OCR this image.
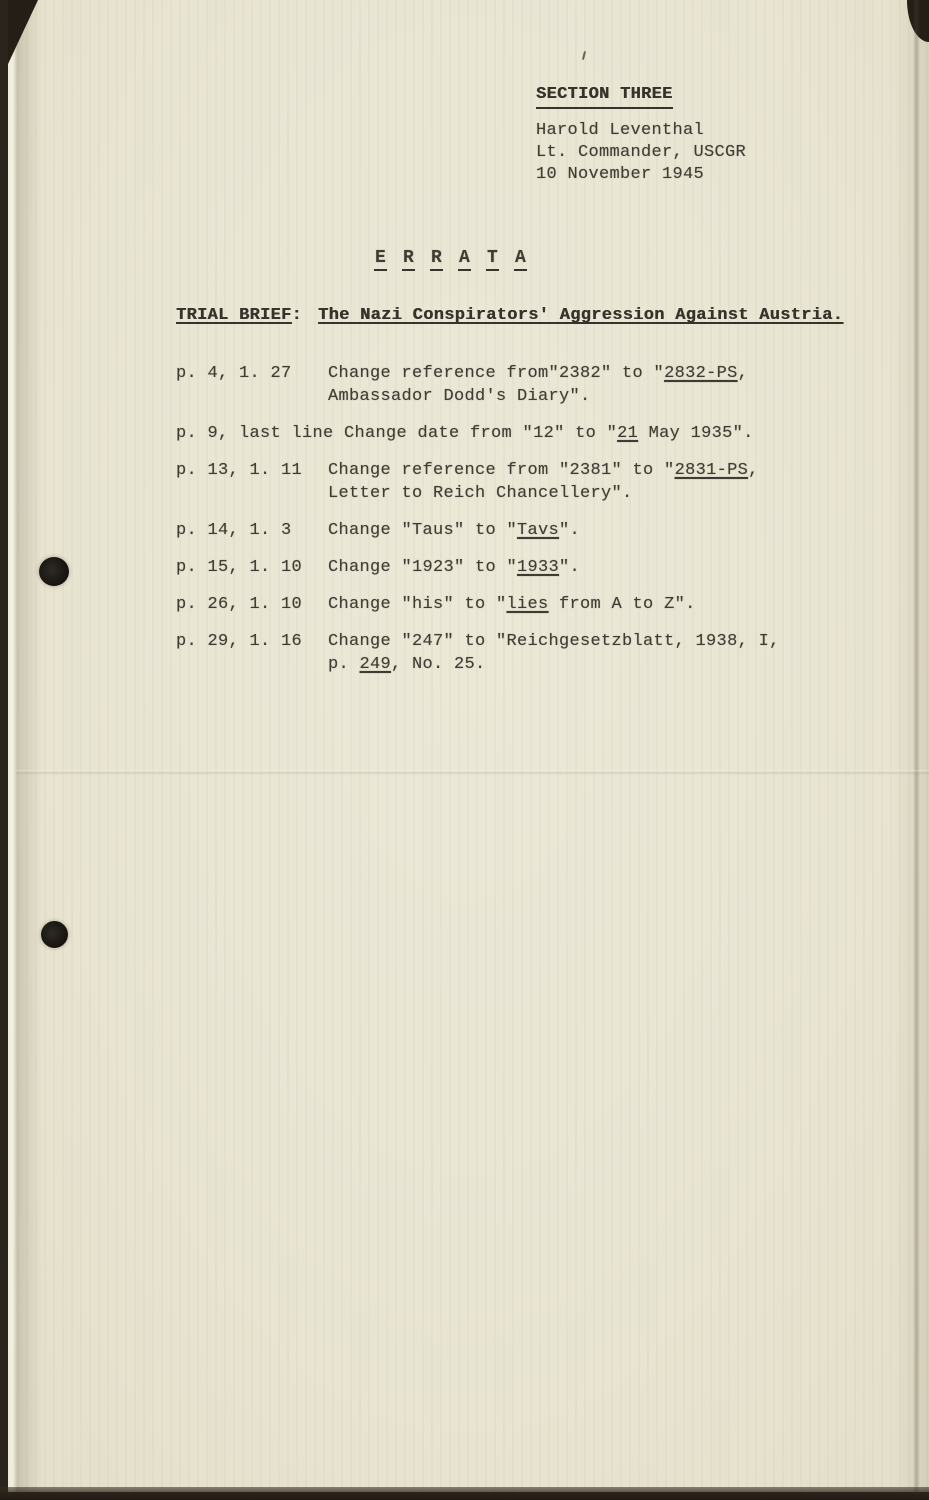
SECTION THREE
Harold Leventhal
Lt. Commander, USCGR
10 November 1945
E R R A T A
TRIAL BRIEF: The Nazi Conspirators' Aggression Against Austria.
p. 4, 1. 27	Change reference from"2382" to "2832-PS,
Ambassador Dodd's Diary".
p. 9, last line Change date from "12" to "21 May 1935".
p. 13, 1. 11	Change reference from "2381" to "2831-PS,
Letter to Reich Chancellery".
p. 14, 1. 3	Change "Taus" to "Tavs".
p. 15, 1. 10	Change "1923" to "1933".
p. 26, 1. 10	Change "his" to "lies from A to Z".
p. 29, 1. 16	Change "247" to "Reichgesetzblatt, 1938, I,
p. 249, No. 25.
